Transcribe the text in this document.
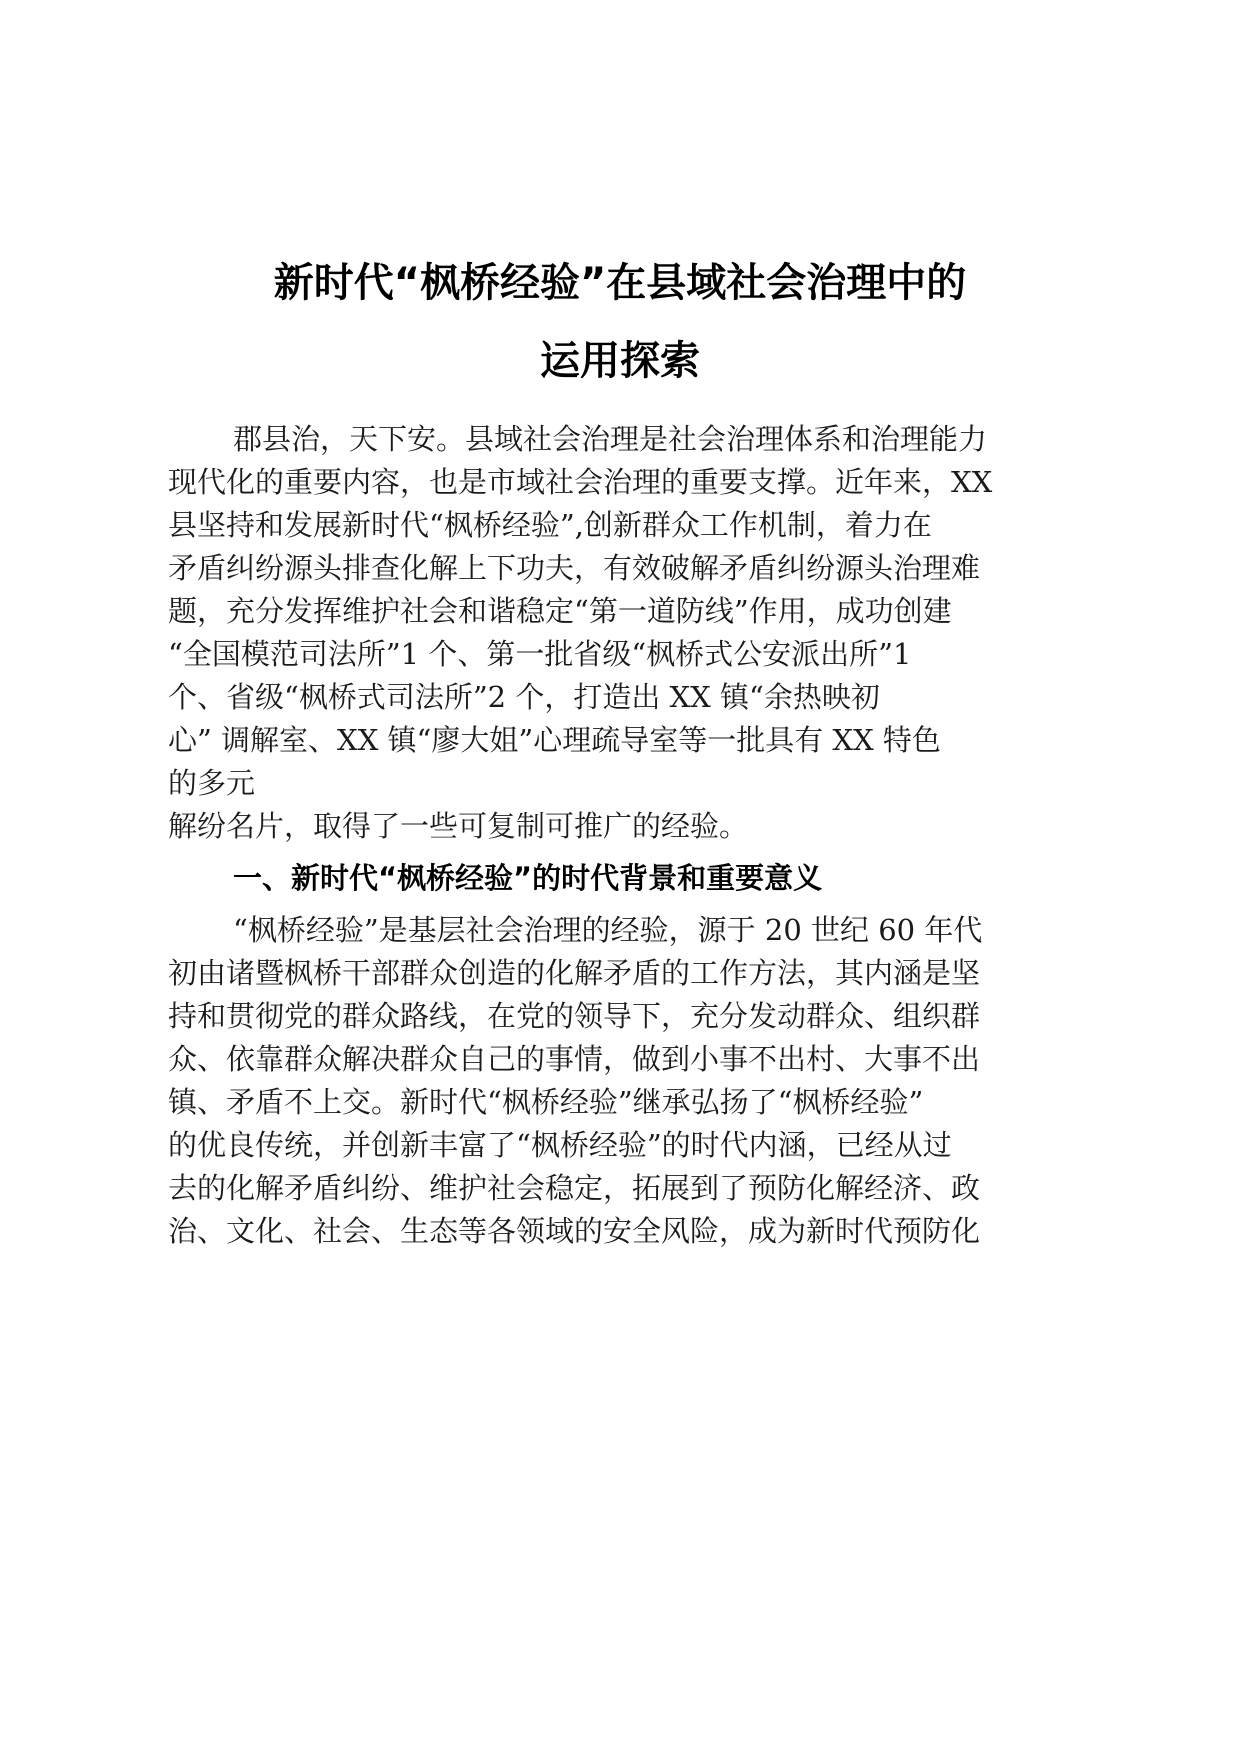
新时代“枫桥经验”在县域社会治理中的
运用探索
郡县治，天下安。县域社会治理是社会治理体系和治理能力
现代化的重要内容，也是市域社会治理的重要支撑。近年来，XX
县坚持和发展新时代“枫桥经验”,创新群众工作机制，着力在
矛盾纠纷源头排查化解上下功夫，有效破解矛盾纠纷源头治理难
题，充分发挥维护社会和谐稳定“第一道防线”作用，成功创建
“全国模范司法所”1 个、第一批省级“枫桥式公安派出所”1
个、省级“枫桥式司法所”2 个，打造出 XX 镇“余热映初
心” 调解室、XX 镇“廖大姐”心理疏导室等一批具有 XX 特色
的多元
解纷名片，取得了一些可复制可推广的经验。
一、新时代“枫桥经验”的时代背景和重要意义
“枫桥经验”是基层社会治理的经验，源于 20 世纪 60 年代
初由诸暨枫桥干部群众创造的化解矛盾的工作方法，其内涵是坚
持和贯彻党的群众路线，在党的领导下，充分发动群众、组织群
众、依靠群众解决群众自己的事情，做到小事不出村、大事不出
镇、矛盾不上交。新时代“枫桥经验”继承弘扬了“枫桥经验”
的优良传统，并创新丰富了“枫桥经验”的时代内涵，已经从过
去的化解矛盾纠纷、维护社会稳定，拓展到了预防化解经济、政
治、文化、社会、生态等各领域的安全风险，成为新时代预防化
